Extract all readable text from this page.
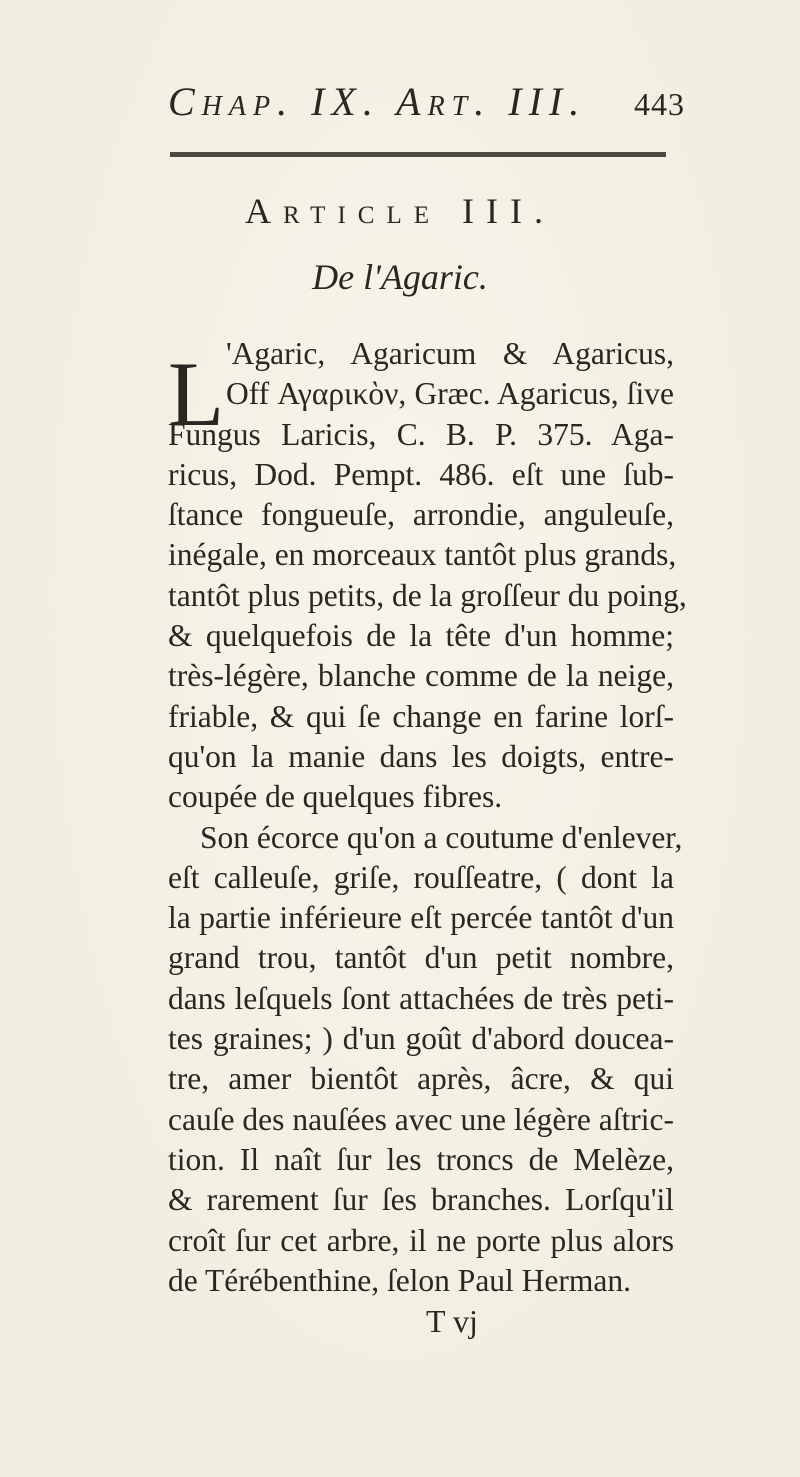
Chap. IX. Art. III. 443
Article III.
De l'Agaric.
L 'Agaric, Agaricum & Agaricus,
Off Αγαρικὸν, Græc. Agaricus, ſive
Fungus Laricis, C. B. P. 375. Aga-
ricus, Dod. Pempt. 486. eſt une ſub-
ſtance fongueuſe, arrondie, anguleuſe,
inégale, en morceaux tantôt plus grands,
tantôt plus petits, de la groſſeur du poing,
& quelquefois de la tête d'un homme;
très-légère, blanche comme de la neige,
friable, & qui ſe change en farine lorſ-
qu'on la manie dans les doigts, entre-
coupée de quelques fibres.
Son écorce qu'on a coutume d'enlever,
eſt calleuſe, griſe, rouſſeatre, ( dont la
la partie inférieure eſt percée tantôt d'un
grand trou, tantôt d'un petit nombre,
dans leſquels ſont attachées de très peti-
tes graines; ) d'un goût d'abord doucea-
tre, amer bientôt après, âcre, & qui
cauſe des nauſées avec une légère aſtric-
tion. Il naît ſur les troncs de Melèze,
& rarement ſur ſes branches. Lorſqu'il
croît ſur cet arbre, il ne porte plus alors
de Térébenthine, ſelon Paul Herman.
T vj
